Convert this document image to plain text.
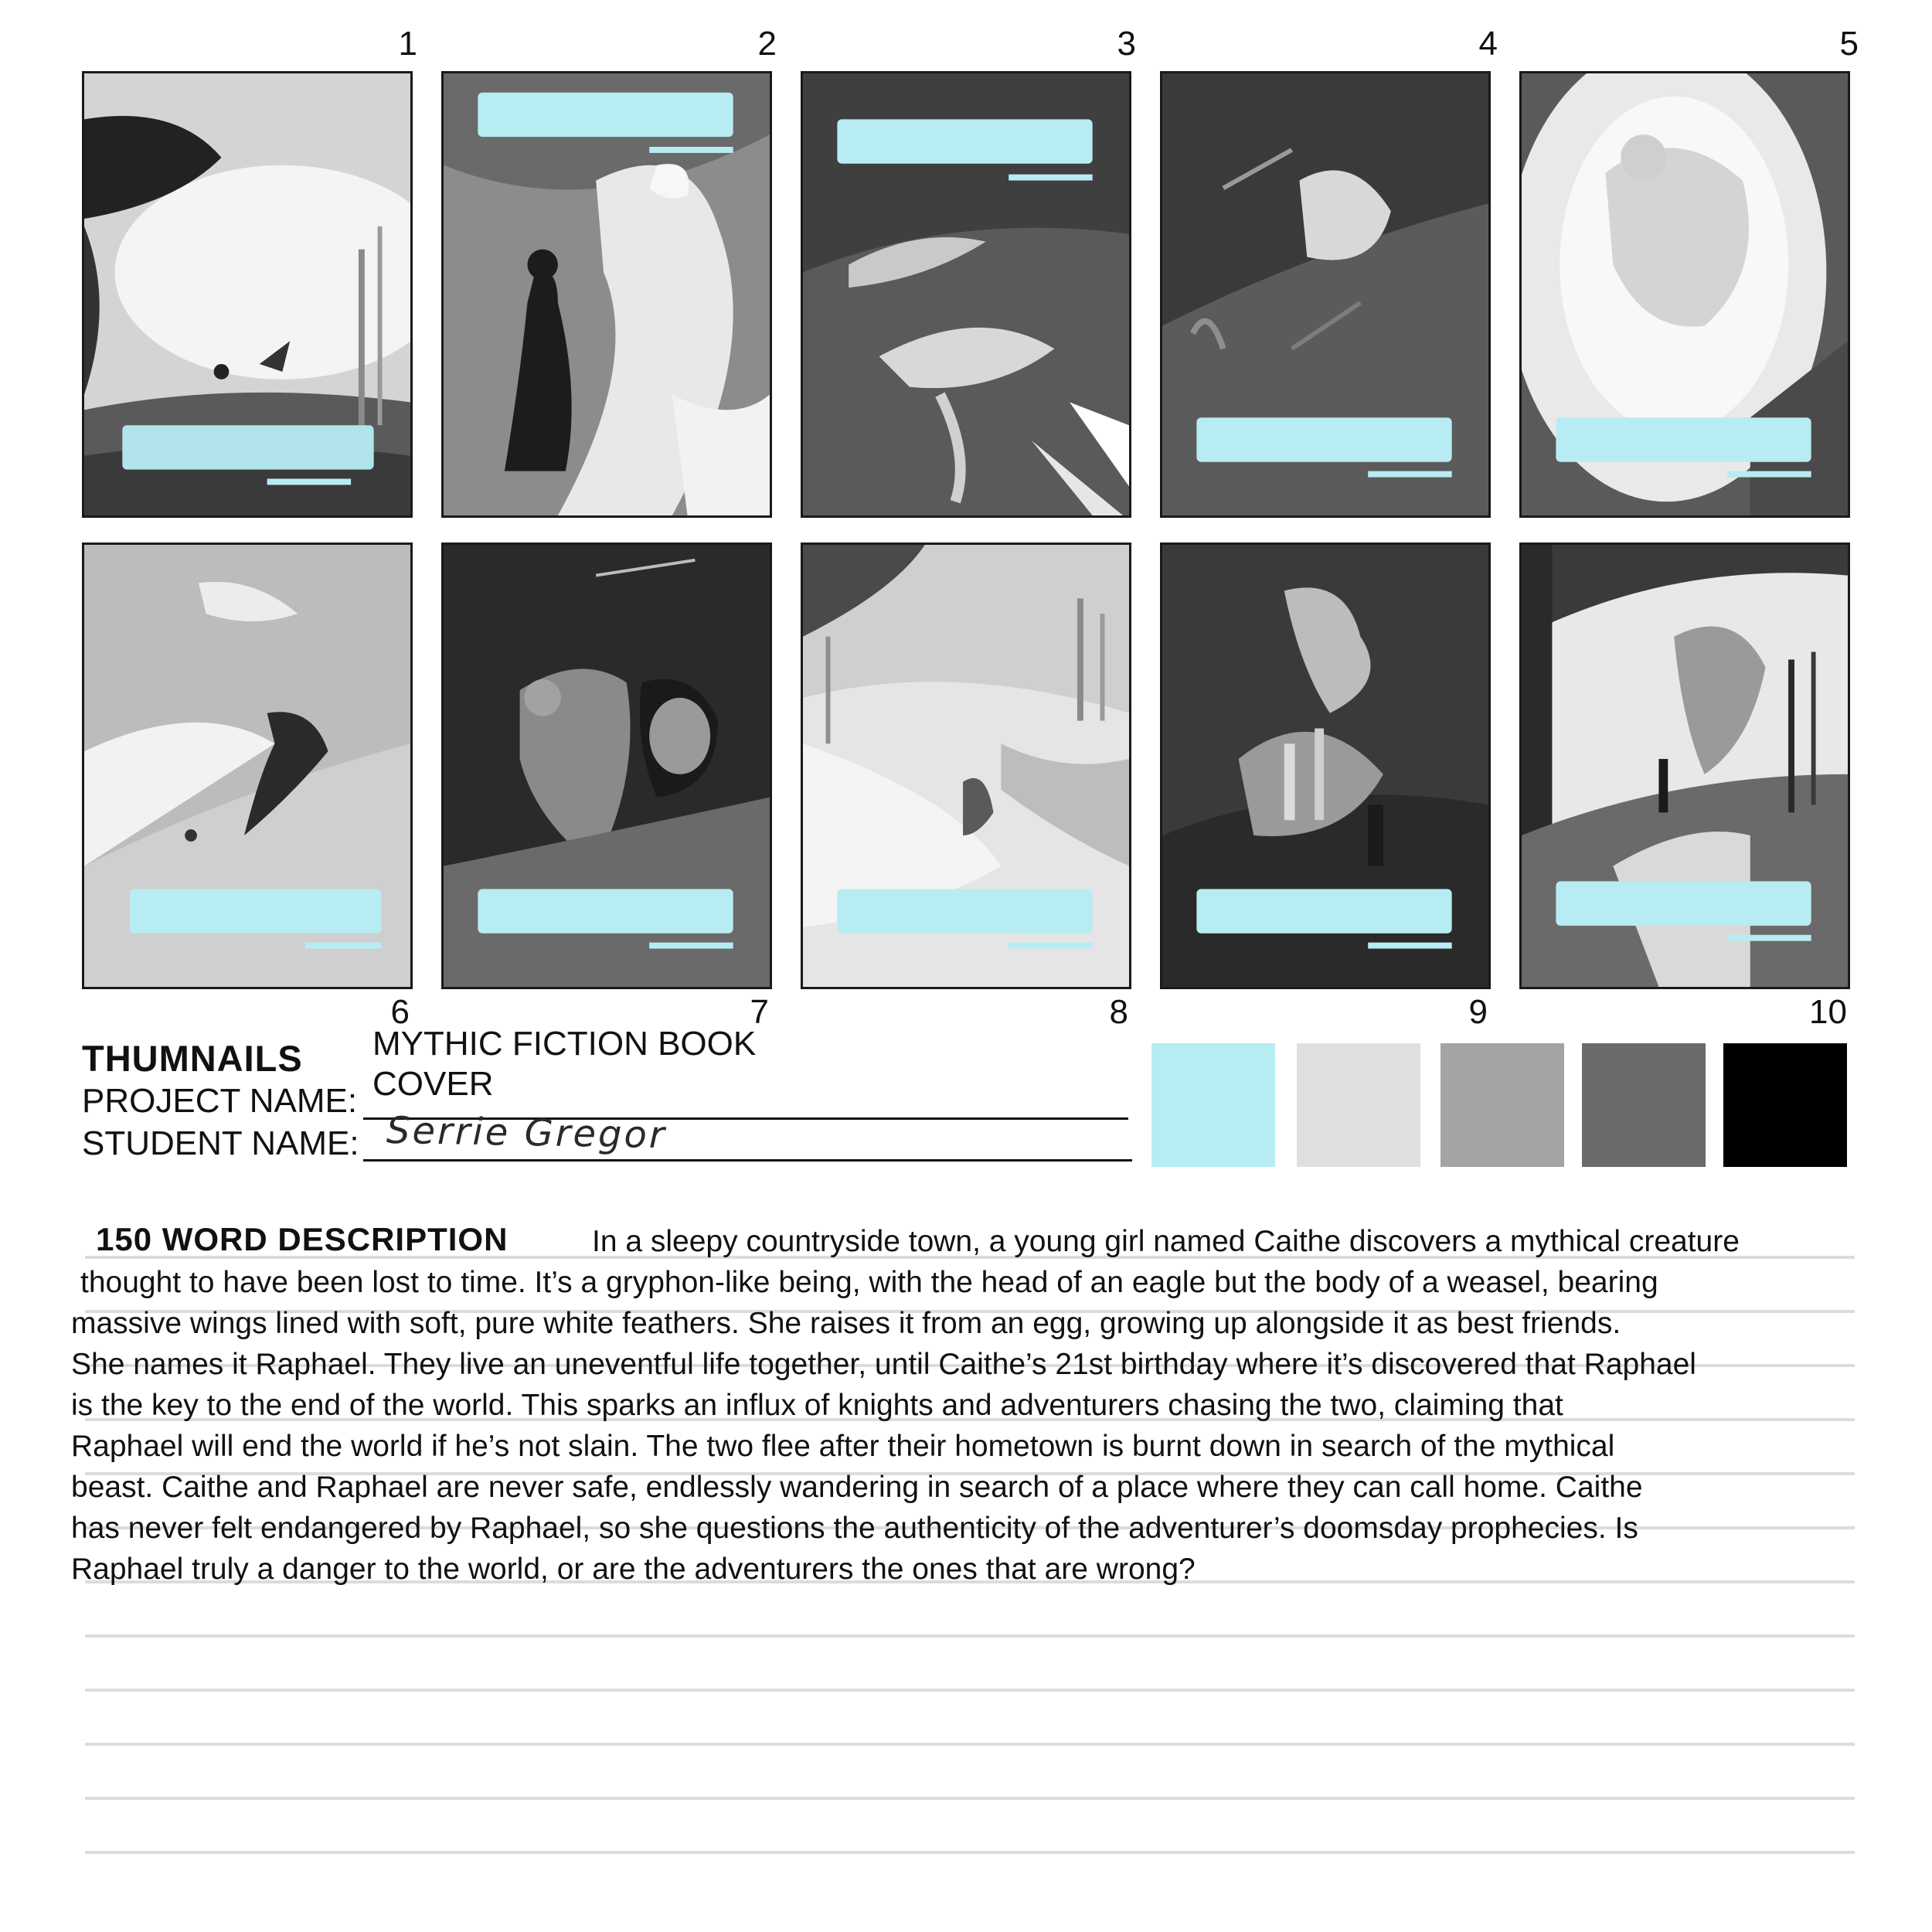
1	2	3	4	5
6	7	8	9	10
THUMNAILS
PROJECT NAME:
MYTHIC FICTION BOOK
COVER
STUDENT NAME: Serrie Gregor
150 WORD DESCRIPTION	In a sleepy countryside town, a young girl named Caithe discovers a mythical creature
thought to have been lost to time. It’s a gryphon-like being, with the head of an eagle but the body of a weasel, bearing
massive wings lined with soft, pure white feathers. She raises it from an egg, growing up alongside it as best friends.
She names it Raphael. They live an uneventful life together, until Caithe’s 21st birthday where it’s discovered that Raphael
is the key to the end of the world. This sparks an influx of knights and adventurers chasing the two, claiming that
Raphael will end the world if he’s not slain. The two flee after their hometown is burnt down in search of the mythical
beast. Caithe and Raphael are never safe, endlessly wandering in search of a place where they can call home. Caithe
has never felt endangered by Raphael, so she questions the authenticity of the adventurer’s doomsday prophecies. Is
Raphael truly a danger to the world, or are the adventurers the ones that are wrong?
